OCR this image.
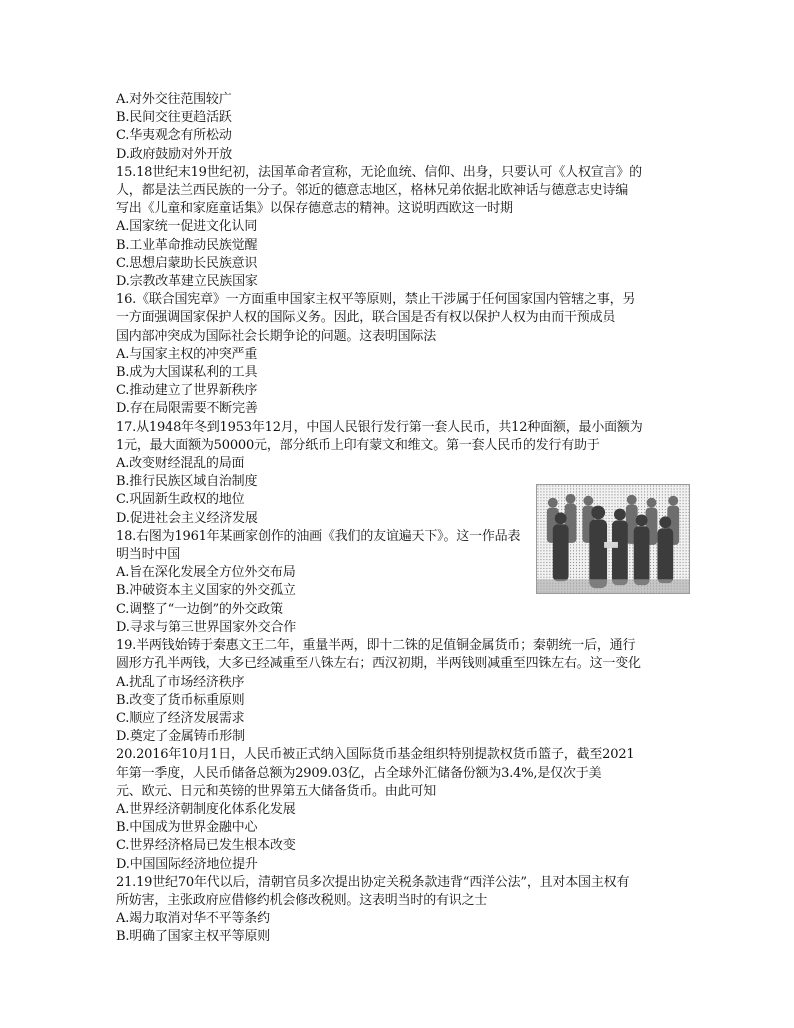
A.对外交往范围较广
B.民间交往更趋活跃
C.华夷观念有所松动
D.政府鼓励对外开放
15.18世纪末19世纪初，法国革命者宣称，无论血统、信仰、出身，只要认可《人权宣言》的
人，都是法兰西民族的一分子。邻近的德意志地区，格林兄弟依据北欧神话与德意志史诗编
写出《儿童和家庭童话集》以保存德意志的精神。这说明西欧这一时期
A.国家统一促进文化认同
B.工业革命推动民族觉醒
C.思想启蒙助长民族意识
D.宗教改革建立民族国家
16.《联合国宪章》一方面重申国家主权平等原则，禁止干涉属于任何国家国内管辖之事，另
一方面强调国家保护人权的国际义务。因此，联合国是否有权以保护人权为由而干预成员
国内部冲突成为国际社会长期争论的问题。这表明国际法
A.与国家主权的冲突严重
B.成为大国谋私利的工具
C.推动建立了世界新秩序
D.存在局限需要不断完善
17.从1948年冬到1953年12月，中国人民银行发行第一套人民币，共12种面额，最小面额为
1元，最大面额为50000元，部分纸币上印有蒙文和维文。第一套人民币的发行有助于
A.改变财经混乱的局面
B.推行民族区域自治制度
C.巩固新生政权的地位
D.促进社会主义经济发展
18.右图为1961年某画家创作的油画《我们的友谊遍天下》。这一作品表明当时中国
A.旨在深化发展全方位外交布局
B.冲破资本主义国家的外交孤立
C.调整了“一边倒”的外交政策
D.寻求与第三世界国家外交合作
19.半两钱始铸于秦惠文王二年，重量半两，即十二铢的足值铜金属货币；秦朝统一后，通行
圆形方孔半两钱，大多已经减重至八铢左右；西汉初期，半两钱则减重至四铢左右。这一变化
A.扰乱了市场经济秩序
B.改变了货币标重原则
C.顺应了经济发展需求
D.奠定了金属铸币形制
20.2016年10月1日，人民币被正式纳入国际货币基金组织特别提款权货币篮子，截至2021
年第一季度，人民币储备总额为2909.03亿，占全球外汇储备份额为3.4%,是仅次于美
元、欧元、日元和英镑的世界第五大储备货币。由此可知
A.世界经济朝制度化体系化发展
B.中国成为世界金融中心
C.世界经济格局已发生根本改变
D.中国国际经济地位提升
21.19世纪70年代以后，清朝官员多次提出协定关税条款违背“西洋公法”，且对本国主权有
所妨害，主张政府应借修约机会修改税则。这表明当时的有识之士
A.竭力取消对华不平等条约
B.明确了国家主权平等原则
